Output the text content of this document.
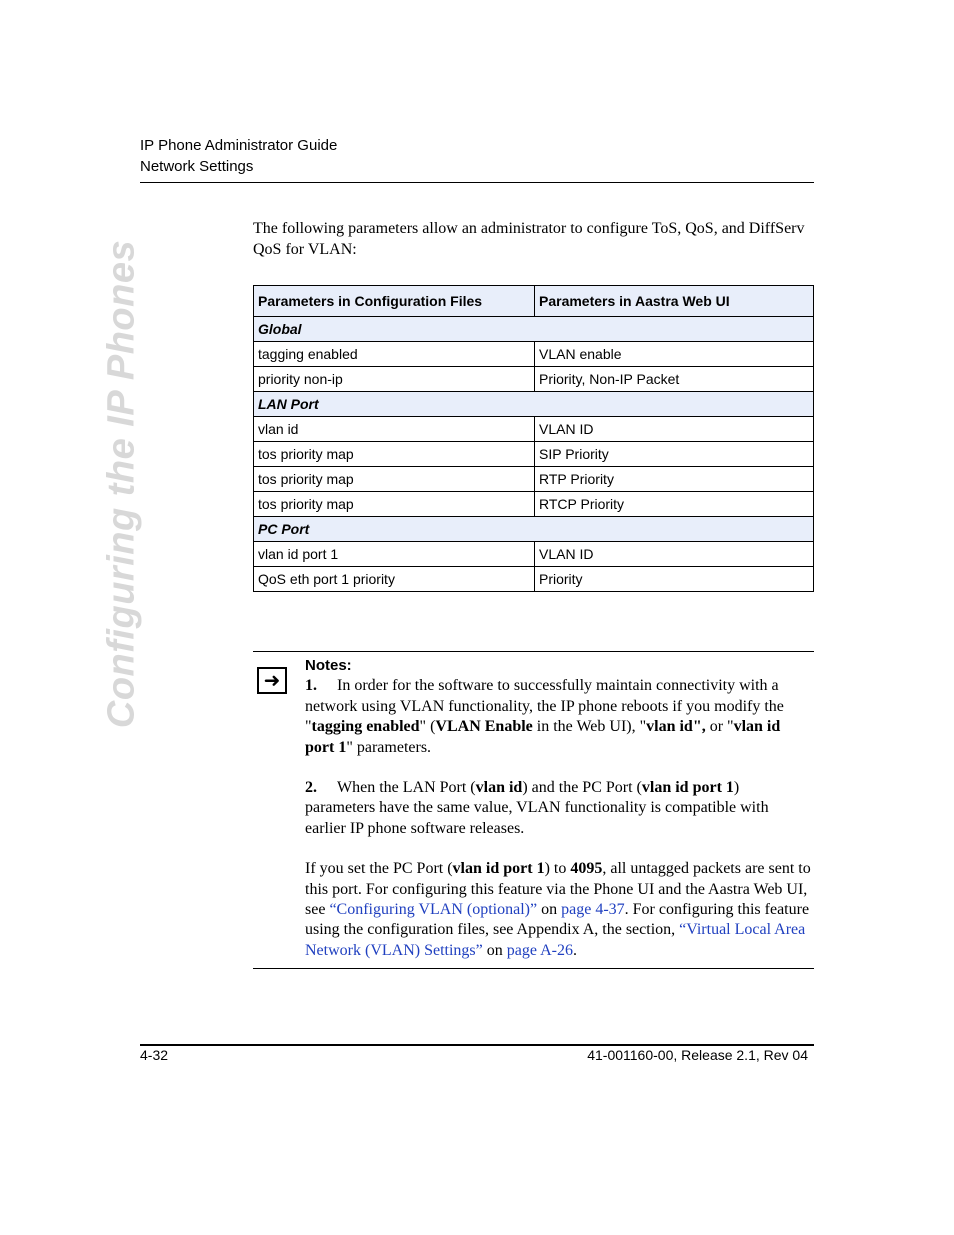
IP Phone Administrator Guide
Network Settings
Configuring the IP Phones
The following parameters allow an administrator to configure ToS, QoS, and DiffServ QoS for VLAN:
Parameters in Configuration Files	Parameters in Aastra Web UI
Global	
tagging enabled	VLAN enable
priority non-ip	Priority, Non-IP Packet
LAN Port	
vlan id	VLAN ID
tos priority map	SIP Priority
tos priority map	RTP Priority
tos priority map	RTCP Priority
PC Port	
vlan id port 1	VLAN ID
QoS eth port 1 priority	Priority
➜

Notes:

1. In order for the software to successfully maintain connectivity with a network using VLAN functionality, the IP phone reboots if you modify the "tagging enabled" (VLAN Enable in the Web UI), "vlan id", or "vlan id port 1" parameters.

2. When the LAN Port (vlan id) and the PC Port (vlan id port 1) parameters have the same value, VLAN functionality is compatible with earlier IP phone software releases.

If you set the PC Port (vlan id port 1) to 4095, all untagged packets are sent to this port. For configuring this feature via the Phone UI and the Aastra Web UI, see “Configuring VLAN (optional)” on page 4-37. For configuring this feature using the configuration files, see Appendix A, the section, “Virtual Local Area Network (VLAN) Settings” on page A-26.

4-32	41-001160-00, Release 2.1, Rev 04
